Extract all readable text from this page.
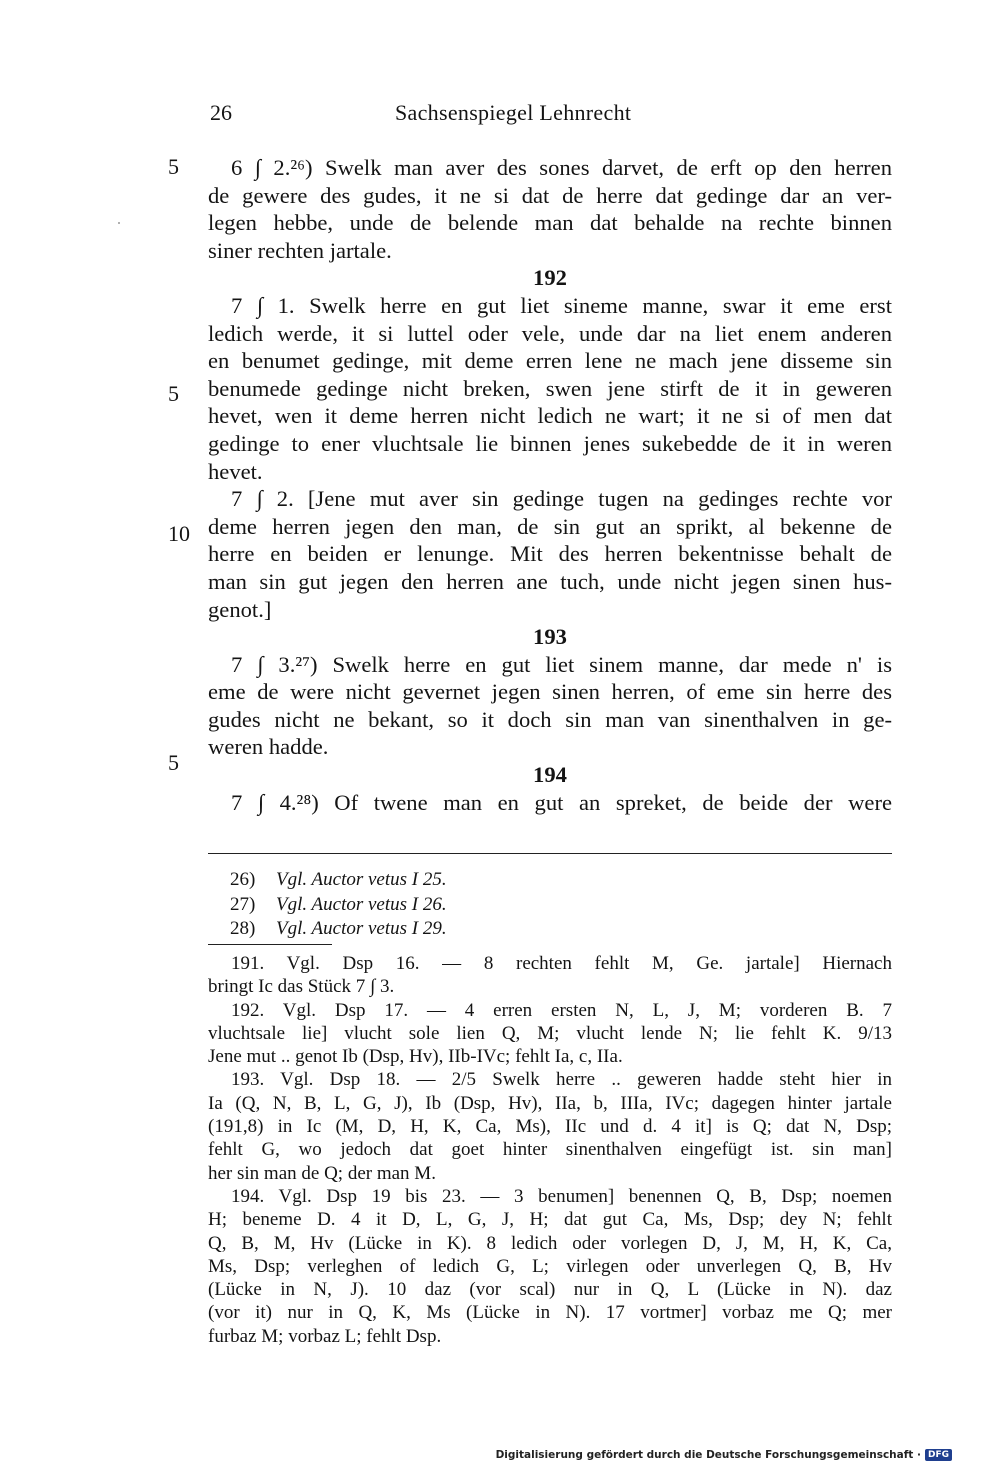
26	Sachsenspiegel Lehnrecht
5
5
10
5
6 ∫ 2.²⁶) Swelk man aver des sones darvet, de erft op den herren
de gewere des gudes, it ne si dat de herre dat gedinge dar an ver-
legen hebbe, unde de belende man dat behalde na rechte binnen
siner rechten jartale.
192
7 ∫ 1. Swelk herre en gut liet sineme manne, swar it eme erst
ledich werde, it si luttel oder vele, unde dar na liet enem anderen
en benumet gedinge, mit deme erren lene ne mach jene disseme sin
benumede gedinge nicht breken, swen jene stirft de it in geweren
hevet, wen it deme herren nicht ledich ne wart; it ne si of men dat
gedinge to ener vluchtsale lie binnen jenes sukebedde de it in weren
hevet.
7 ∫ 2. [Jene mut aver sin gedinge tugen na gedinges rechte vor
deme herren jegen den man, de sin gut an sprikt, al bekenne de
herre en beiden er lenunge. Mit des herren bekentnisse behalt de
man sin gut jegen den herren ane tuch, unde nicht jegen sinen hus-
genot.]
193
7 ∫ 3.²⁷) Swelk herre en gut liet sinem manne, dar mede n' is
eme de were nicht gevernet jegen sinen herren, of eme sin herre des
gudes nicht ne bekant, so it doch sin man van sinenthalven in ge-
weren hadde.
194
7 ∫ 4.²⁸) Of twene man en gut an spreket, de beide der were
26) Vgl. Auctor vetus I 25.
27) Vgl. Auctor vetus I 26.
28) Vgl. Auctor vetus I 29.
191. Vgl. Dsp 16. — 8 rechten fehlt M, Ge. jartale] Hiernach
bringt Ic das Stück 7 ∫ 3.
192. Vgl. Dsp 17. — 4 erren ersten N, L, J, M; vorderen B. 7
vluchtsale lie] vlucht sole lien Q, M; vlucht lende N; lie fehlt K. 9/13
Jene mut .. genot Ib (Dsp, Hv), IIb-IVc; fehlt Ia, c, IIa.
193. Vgl. Dsp 18. — 2/5 Swelk herre .. geweren hadde steht hier in
Ia (Q, N, B, L, G, J), Ib (Dsp, Hv), IIa, b, IIIa, IVc; dagegen hinter jartale
(191,8) in Ic (M, D, H, K, Ca, Ms), IIc und d. 4 it] is Q; dat N, Dsp;
fehlt G, wo jedoch dat goet hinter sinenthalven eingefügt ist. sin man]
her sin man de Q; der man M.
194. Vgl. Dsp 19 bis 23. — 3 benumen] benennen Q, B, Dsp; noemen
H; beneme D. 4 it D, L, G, J, H; dat gut Ca, Ms, Dsp; dey N; fehlt
Q, B, M, Hv (Lücke in K). 8 ledich oder vorlegen D, J, M, H, K, Ca,
Ms, Dsp; verleghen of ledich G, L; virlegen oder unverlegen Q, B, Hv
(Lücke in N, J). 10 daz (vor scal) nur in Q, L (Lücke in N). daz
(vor it) nur in Q, K, Ms (Lücke in N). 17 vortmer] vorbaz me Q; mer
furbaz M; vorbaz L; fehlt Dsp.
Digitalisierung gefördert durch die Deutsche Forschungsgemeinschaft · DFG
